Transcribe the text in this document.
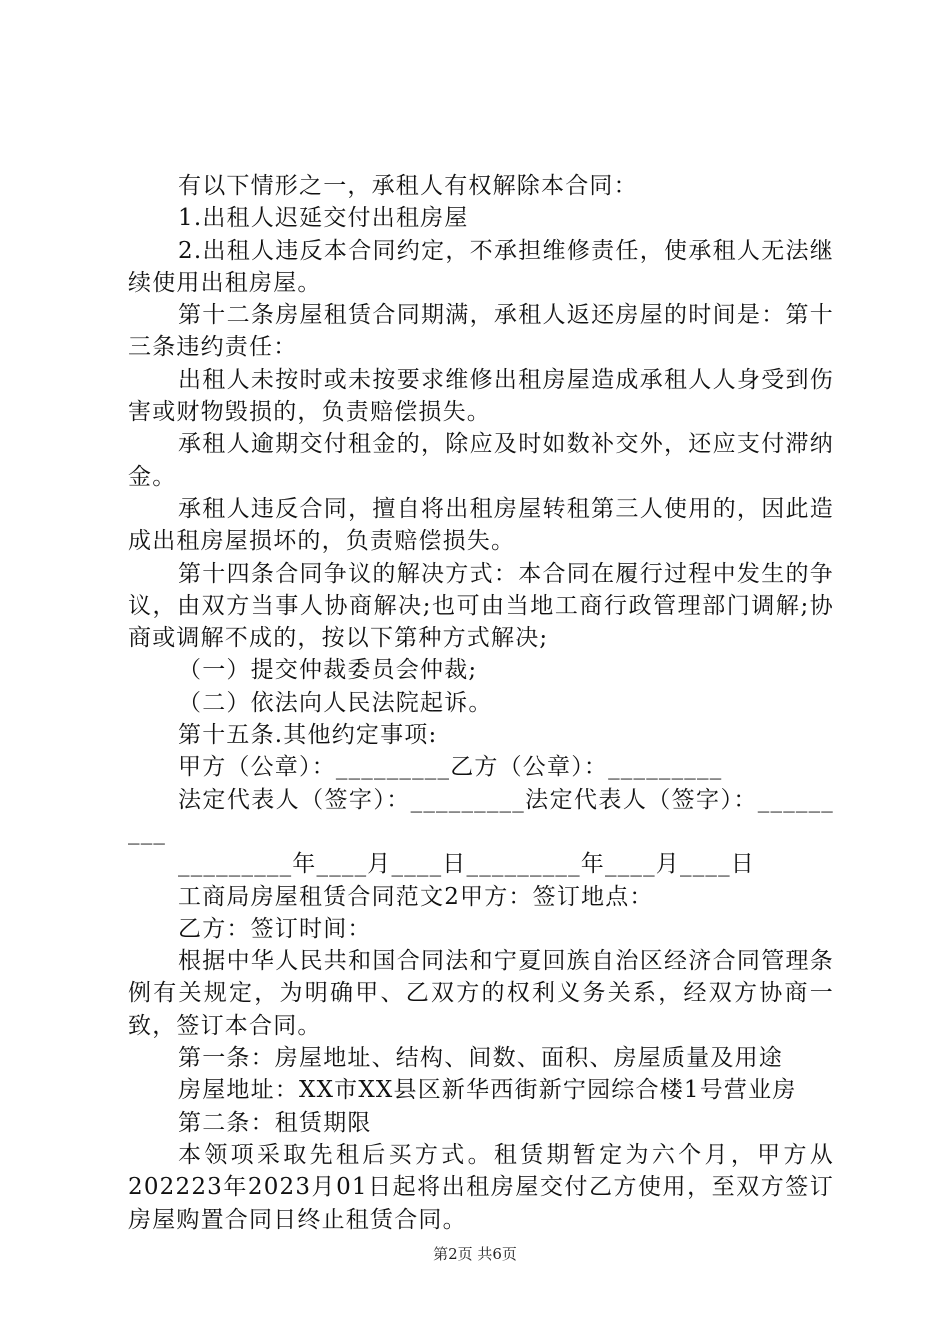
有以下情形之一，承租人有权解除本合同：

1.出租人迟延交付出租房屋

2.出租人违反本合同约定，不承担维修责任，使承租人无法继续使用出租房屋。

第十二条房屋租赁合同期满，承租人返还房屋的时间是：第十三条违约责任：

出租人未按时或未按要求维修出租房屋造成承租人人身受到伤害或财物毁损的，负责赔偿损失。

承租人逾期交付租金的，除应及时如数补交外，还应支付滞纳金。

承租人违反合同，擅自将出租房屋转租第三人使用的，因此造成出租房屋损坏的，负责赔偿损失。

第十四条合同争议的解决方式：本合同在履行过程中发生的争议，由双方当事人协商解决;也可由当地工商行政管理部门调解;协商或调解不成的，按以下第种方式解决;

（一）提交仲裁委员会仲裁;

（二）依法向人民法院起诉。

第十五条.其他约定事项:

甲方（公章）：_________乙方（公章）：_________

法定代表人（签字）：_________法定代表人（签字）：_________

_________年____月____日_________年____月____日

工商局房屋租赁合同范文2甲方：签订地点：

乙方：签订时间：

根据中华人民共和国合同法和宁夏回族自治区经济合同管理条例有关规定，为明确甲、乙双方的权利义务关系，经双方协商一致，签订本合同。

第一条：房屋地址、结构、间数、面积、房屋质量及用途

房屋地址：XX市XX县区新华西街新宁园综合楼1号营业房

第二条：租赁期限

本领项采取先租后买方式。租赁期暂定为六个月，甲方从202223年2023月01日起将出租房屋交付乙方使用，至双方签订房屋购置合同日终止租赁合同。

第2页 共6页
